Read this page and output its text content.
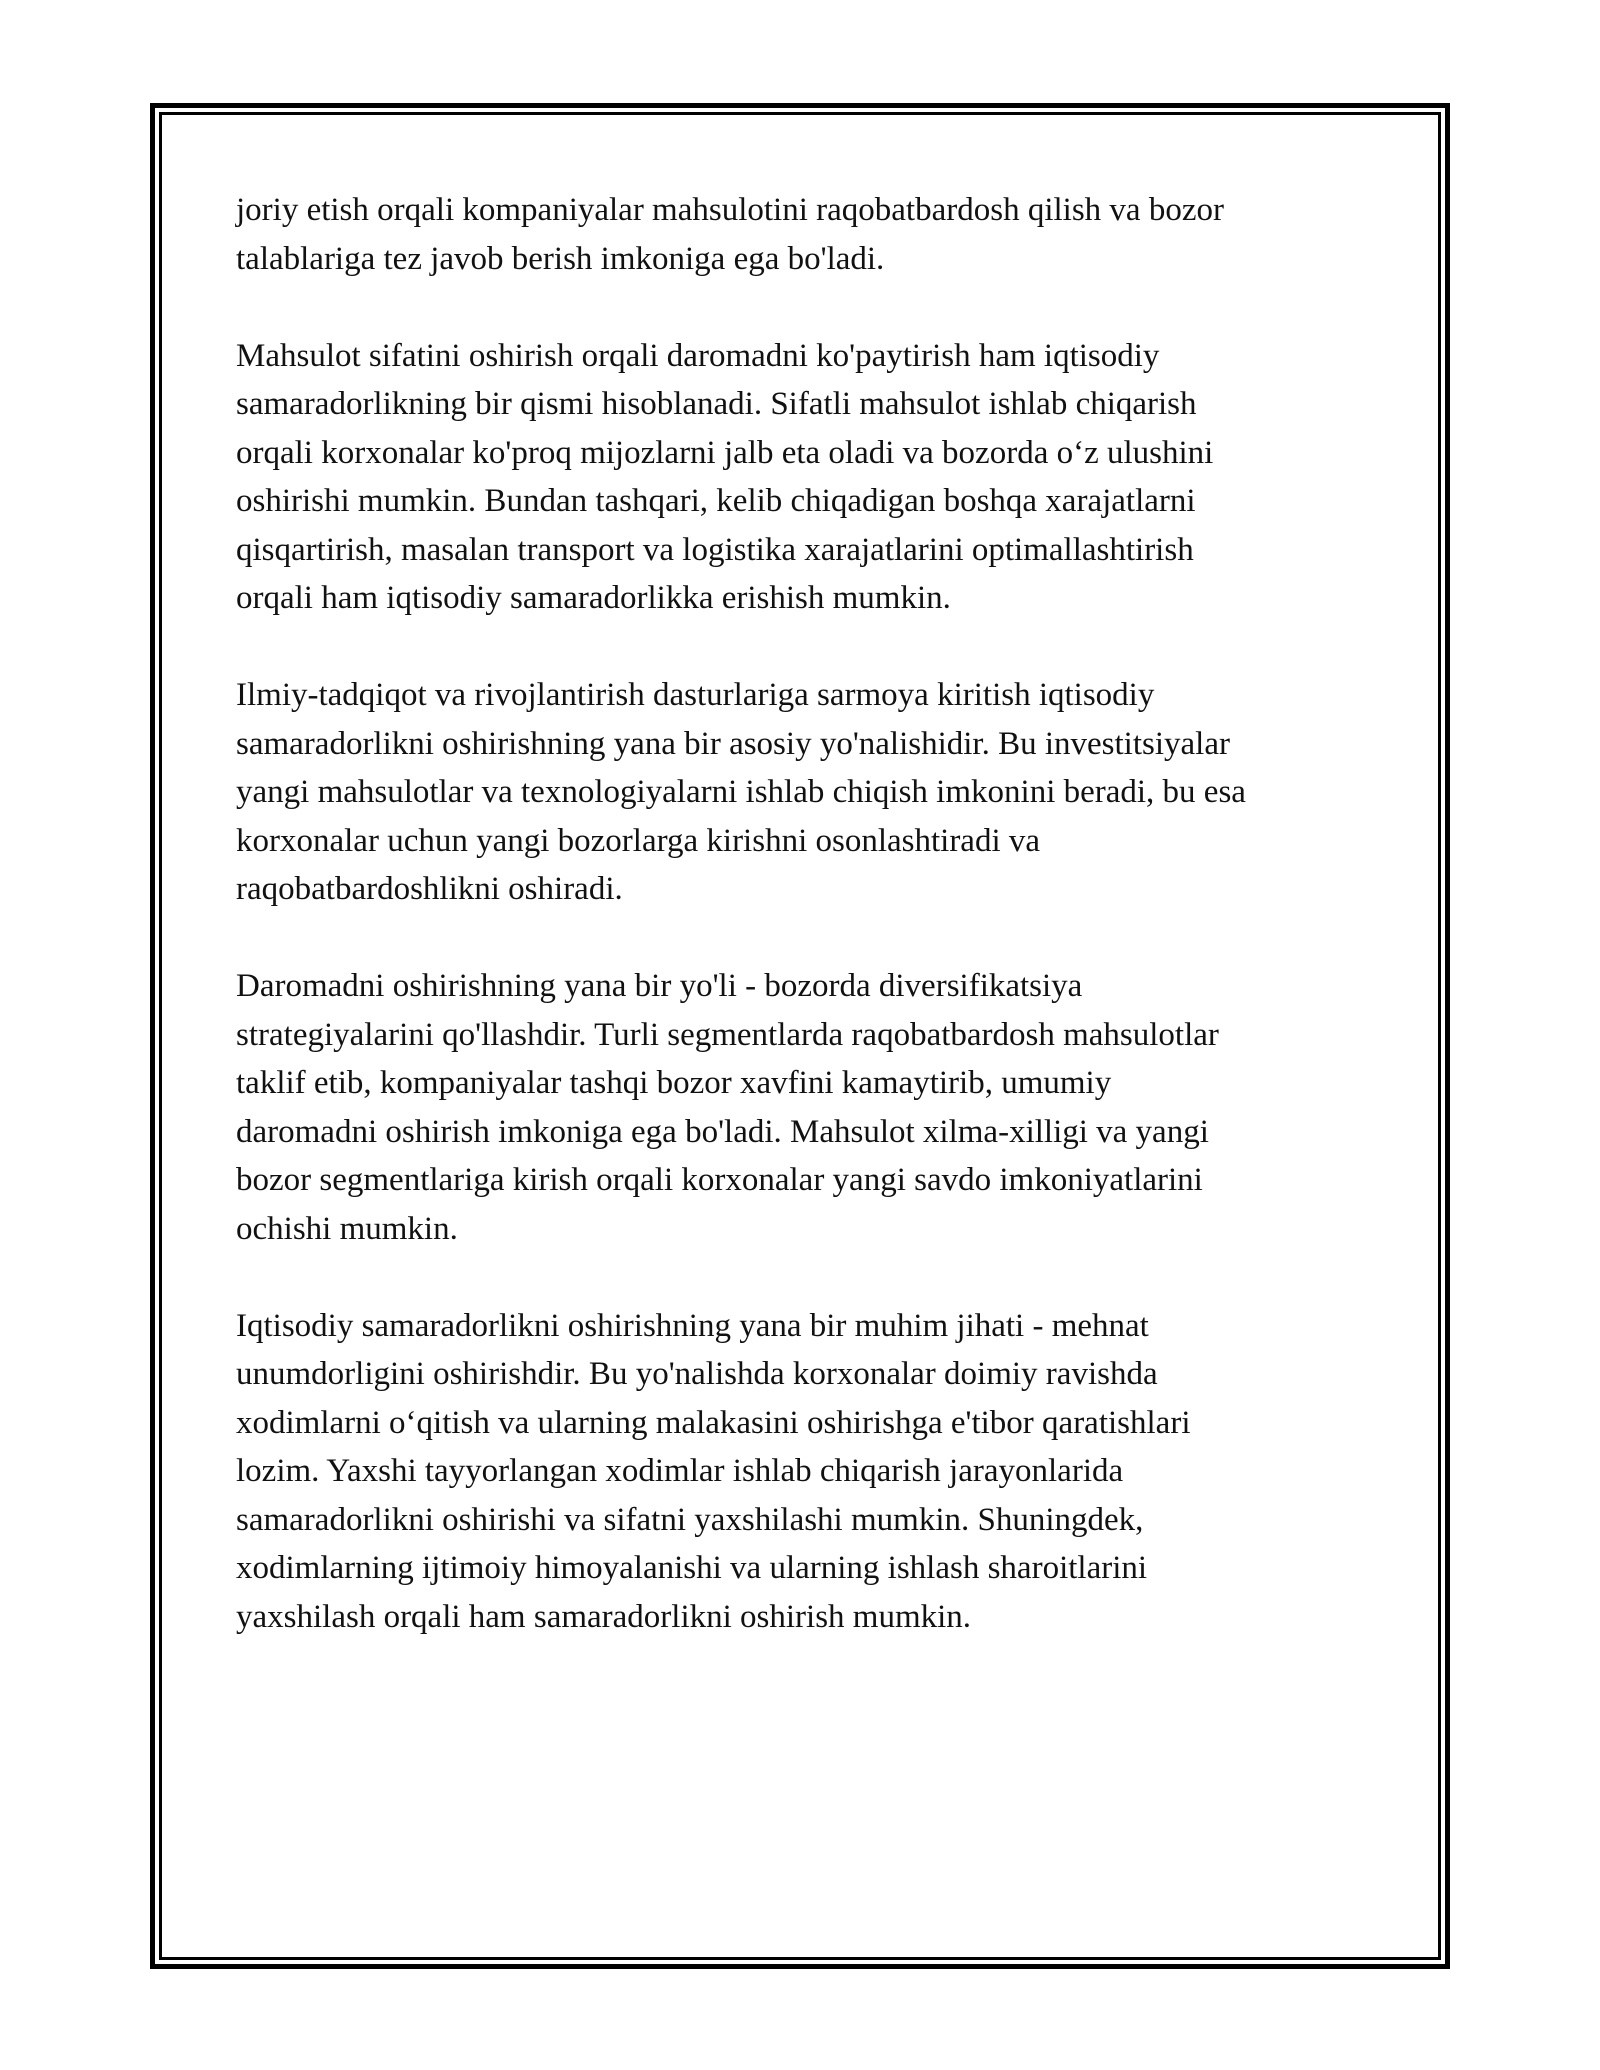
joriy etish orqali kompaniyalar mahsulotini raqobatbardosh qilish va bozor
talablariga tez javob berish imkoniga ega bo'ladi.

Mahsulot sifatini oshirish orqali daromadni ko'paytirish ham iqtisodiy
samaradorlikning bir qismi hisoblanadi. Sifatli mahsulot ishlab chiqarish
orqali korxonalar ko'proq mijozlarni jalb eta oladi va bozorda o‘z ulushini
oshirishi mumkin. Bundan tashqari, kelib chiqadigan boshqa xarajatlarni
qisqartirish, masalan transport va logistika xarajatlarini optimallashtirish
orqali ham iqtisodiy samaradorlikka erishish mumkin.

Ilmiy-tadqiqot va rivojlantirish dasturlariga sarmoya kiritish iqtisodiy
samaradorlikni oshirishning yana bir asosiy yo'nalishidir. Bu investitsiyalar
yangi mahsulotlar va texnologiyalarni ishlab chiqish imkonini beradi, bu esa
korxonalar uchun yangi bozorlarga kirishni osonlashtiradi va
raqobatbardoshlikni oshiradi.

Daromadni oshirishning yana bir yo'li - bozorda diversifikatsiya
strategiyalarini qo'llashdir. Turli segmentlarda raqobatbardosh mahsulotlar
taklif etib, kompaniyalar tashqi bozor xavfini kamaytirib, umumiy
daromadni oshirish imkoniga ega bo'ladi. Mahsulot xilma-xilligi va yangi
bozor segmentlariga kirish orqali korxonalar yangi savdo imkoniyatlarini
ochishi mumkin.

Iqtisodiy samaradorlikni oshirishning yana bir muhim jihati - mehnat
unumdorligini oshirishdir. Bu yo'nalishda korxonalar doimiy ravishda
xodimlarni o‘qitish va ularning malakasini oshirishga e'tibor qaratishlari
lozim. Yaxshi tayyorlangan xodimlar ishlab chiqarish jarayonlarida
samaradorlikni oshirishi va sifatni yaxshilashi mumkin. Shuningdek,
xodimlarning ijtimoiy himoyalanishi va ularning ishlash sharoitlarini
yaxshilash orqali ham samaradorlikni oshirish mumkin.
